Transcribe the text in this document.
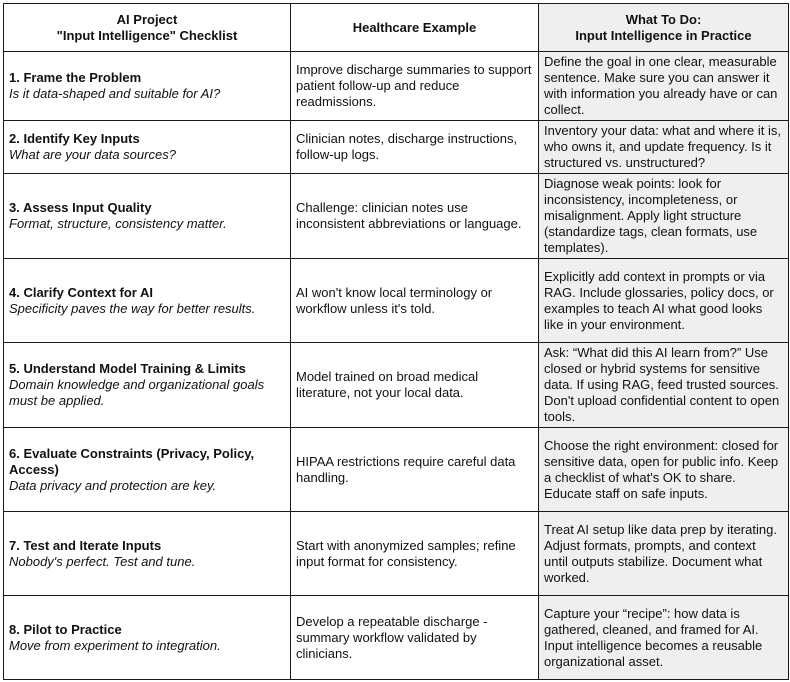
AI Project
"Input Intelligence" Checklist	Healthcare Example	What To Do:
Input Intelligence in Practice

1. Frame the Problem
Is it data-shaped and suitable for AI?	Improve discharge summaries to support patient follow-up and reduce readmissions.	Define the goal in one clear, measurable sentence. Make sure you can answer it with information you already have or can collect.

2. Identify Key Inputs
What are your data sources?	Clinician notes, discharge instructions, follow-up logs.	Inventory your data: what and where it is, who owns it, and update frequency. Is it structured vs. unstructured?

3. Assess Input Quality
Format, structure, consistency matter.	Challenge: clinician notes use inconsistent abbreviations or language.	Diagnose weak points: look for inconsistency, incompleteness, or misalignment. Apply light structure (standardize tags, clean formats, use templates).

4. Clarify Context for AI
Specificity paves the way for better results.	AI won't know local terminology or workflow unless it's told.	Explicitly add context in prompts or via RAG. Include glossaries, policy docs, or examples to teach AI what good looks like in your environment.

5. Understand Model Training & Limits
Domain knowledge and organizational goals must be applied.	Model trained on broad medical literature, not your local data.	Ask: “What did this AI learn from?” Use closed or hybrid systems for sensitive data. If using RAG, feed trusted sources. Don't upload confidential content to open tools.

6. Evaluate Constraints (Privacy, Policy, Access)
Data privacy and protection are key.	HIPAA restrictions require careful data handling.	Choose the right environment: closed for sensitive data, open for public info. Keep a checklist of what's OK to share. Educate staff on safe inputs.

7. Test and Iterate Inputs
Nobody's perfect. Test and tune.	Start with anonymized samples; refine input format for consistency.	Treat AI setup like data prep by iterating. Adjust formats, prompts, and context until outputs stabilize. Document what worked.

8. Pilot to Practice
Move from experiment to integration.	Develop a repeatable discharge - summary workflow validated by clinicians.	Capture your “recipe”: how data is gathered, cleaned, and framed for AI. Input intelligence becomes a reusable organizational asset.
